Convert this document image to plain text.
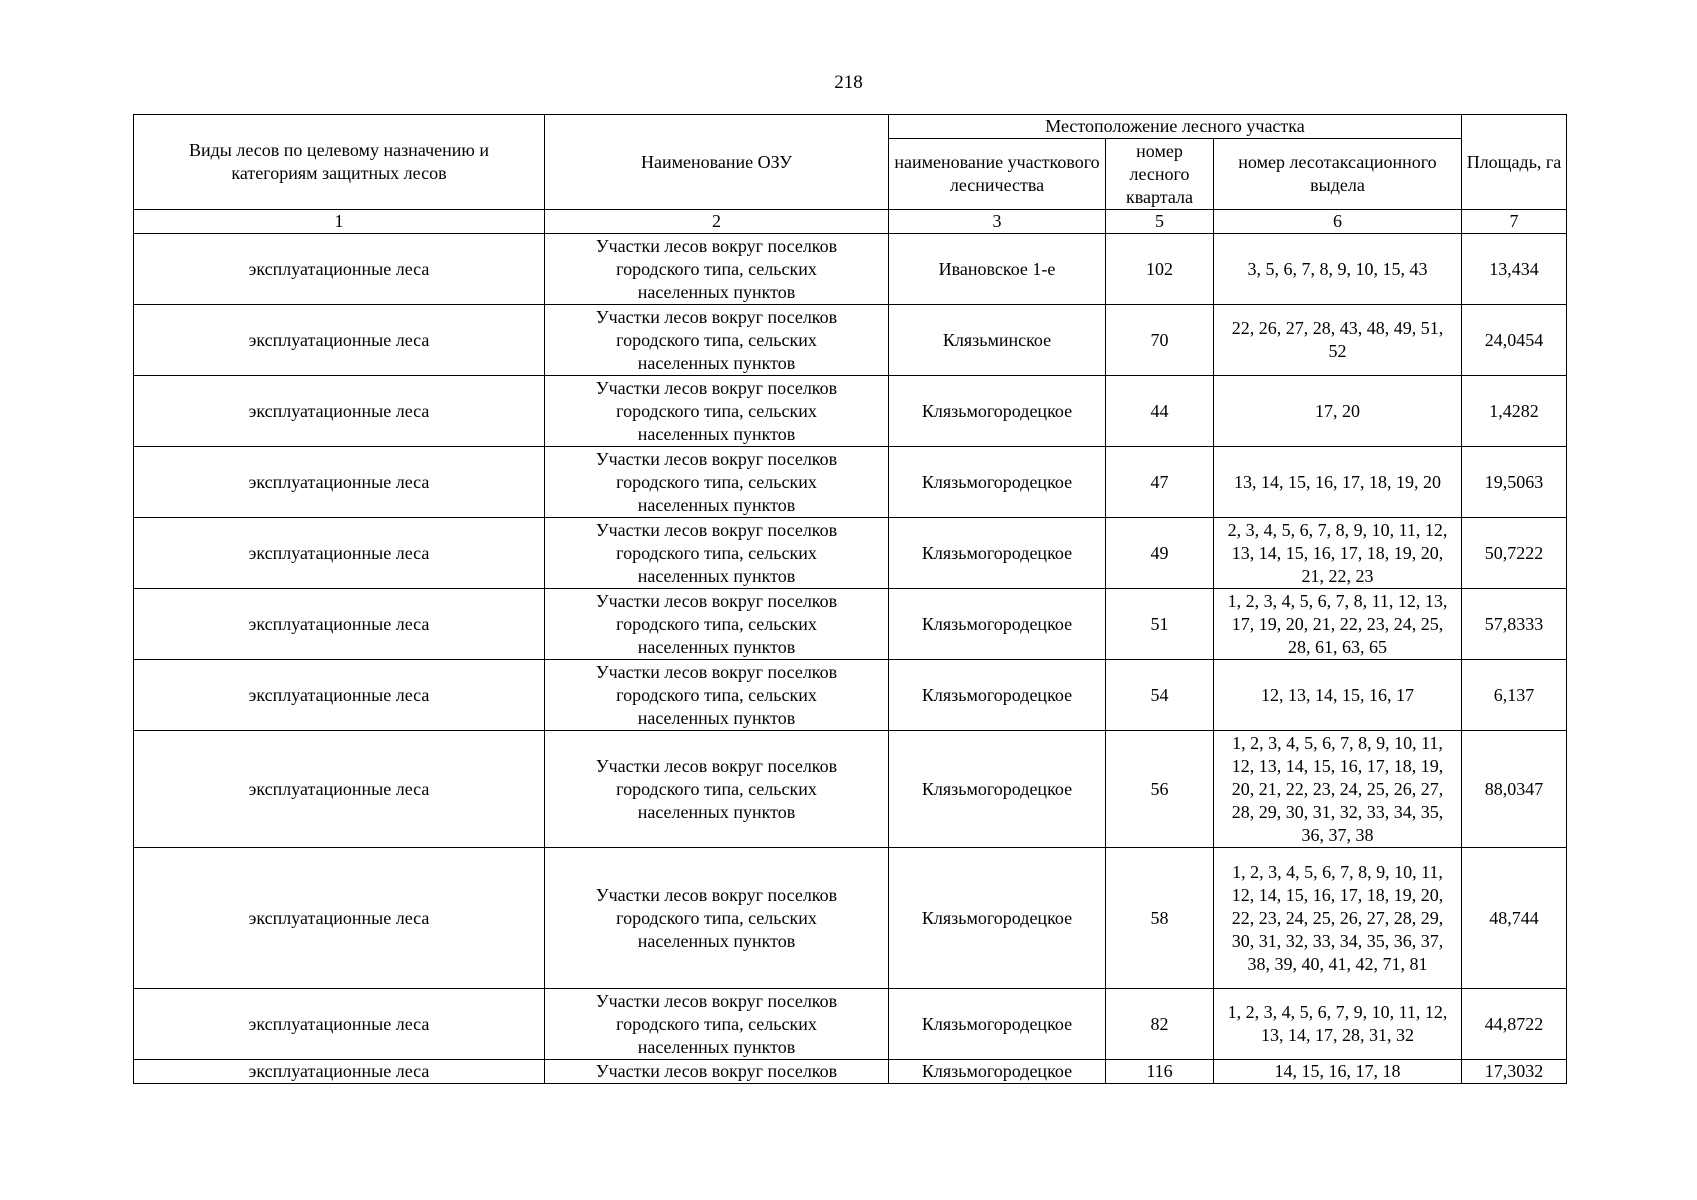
218
Виды лесов по целевому назначению и категориям защитных лесов	Наименование ОЗУ	Местоположение лесного участка			Площадь, га
		наименование участкового лесничества	номер лесного квартала	номер лесотаксационного выдела	
1	2	3	5	6	7
эксплуатационные леса	Участки лесов вокруг поселков городского типа, сельских населенных пунктов	Ивановское 1-е	102	3, 5, 6, 7, 8, 9, 10, 15, 43	13,434
эксплуатационные леса	Участки лесов вокруг поселков городского типа, сельских населенных пунктов	Клязьминское	70	22, 26, 27, 28, 43, 48, 49, 51, 52	24,0454
эксплуатационные леса	Участки лесов вокруг поселков городского типа, сельских населенных пунктов	Клязьмогородецкое	44	17, 20	1,4282
эксплуатационные леса	Участки лесов вокруг поселков городского типа, сельских населенных пунктов	Клязьмогородецкое	47	13, 14, 15, 16, 17, 18, 19, 20	19,5063
эксплуатационные леса	Участки лесов вокруг поселков городского типа, сельских населенных пунктов	Клязьмогородецкое	49	2, 3, 4, 5, 6, 7, 8, 9, 10, 11, 12, 13, 14, 15, 16, 17, 18, 19, 20, 21, 22, 23	50,7222
эксплуатационные леса	Участки лесов вокруг поселков городского типа, сельских населенных пунктов	Клязьмогородецкое	51	1, 2, 3, 4, 5, 6, 7, 8, 11, 12, 13, 17, 19, 20, 21, 22, 23, 24, 25, 28, 61, 63, 65	57,8333
эксплуатационные леса	Участки лесов вокруг поселков городского типа, сельских населенных пунктов	Клязьмогородецкое	54	12, 13, 14, 15, 16, 17	6,137
эксплуатационные леса	Участки лесов вокруг поселков городского типа, сельских населенных пунктов	Клязьмогородецкое	56	1, 2, 3, 4, 5, 6, 7, 8, 9, 10, 11, 12, 13, 14, 15, 16, 17, 18, 19, 20, 21, 22, 23, 24, 25, 26, 27, 28, 29, 30, 31, 32, 33, 34, 35, 36, 37, 38	88,0347
эксплуатационные леса	Участки лесов вокруг поселков городского типа, сельских населенных пунктов	Клязьмогородецкое	58	1, 2, 3, 4, 5, 6, 7, 8, 9, 10, 11, 12, 14, 15, 16, 17, 18, 19, 20, 22, 23, 24, 25, 26, 27, 28, 29, 30, 31, 32, 33, 34, 35, 36, 37, 38, 39, 40, 41, 42, 71, 81	48,744
эксплуатационные леса	Участки лесов вокруг поселков городского типа, сельских населенных пунктов	Клязьмогородецкое	82	1, 2, 3, 4, 5, 6, 7, 9, 10, 11, 12, 13, 14, 17, 28, 31, 32	44,8722
эксплуатационные леса	Участки лесов вокруг поселков	Клязьмогородецкое	116	14, 15, 16, 17, 18	17,3032
